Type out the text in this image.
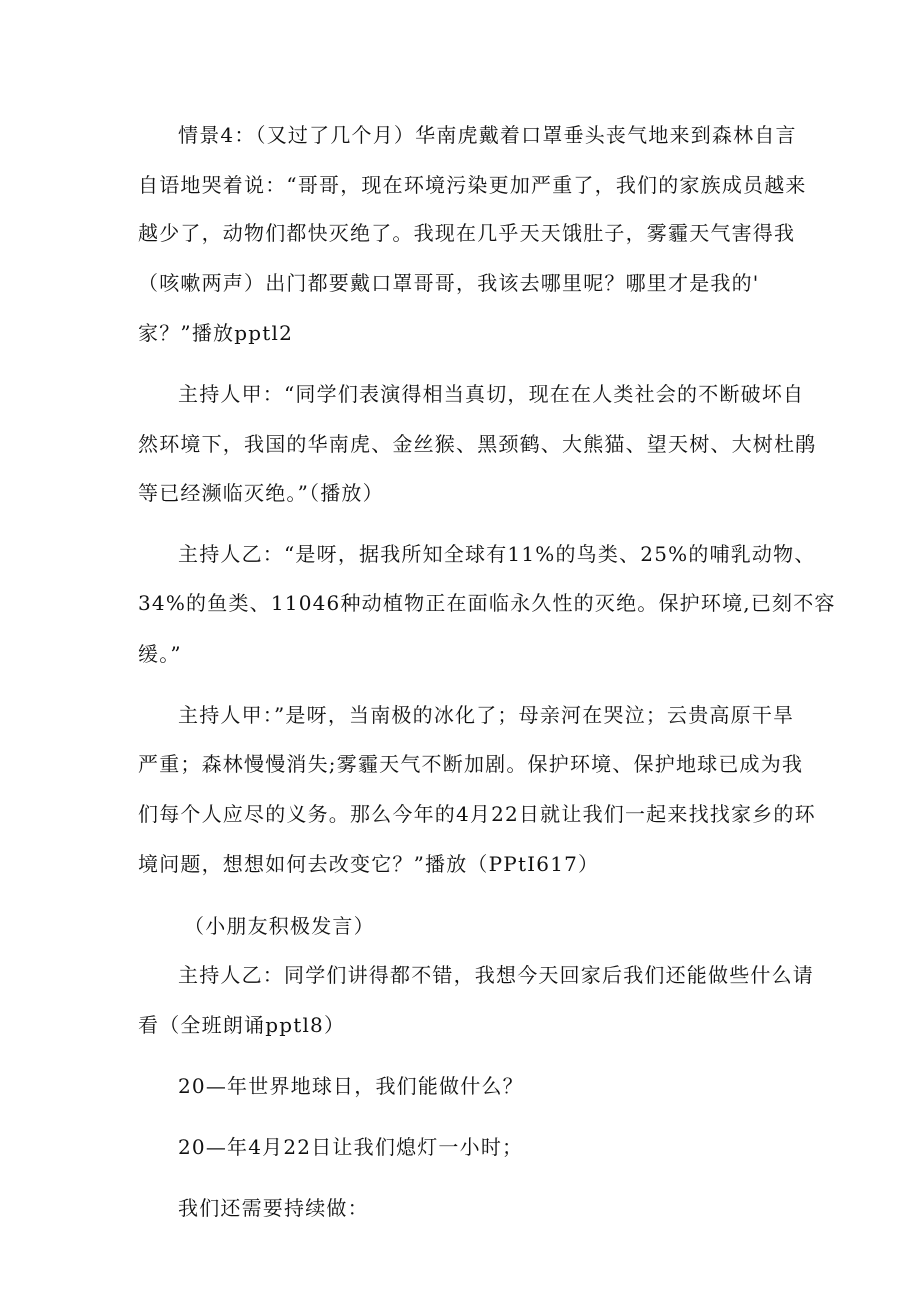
情景4：（又过了几个月）华南虎戴着口罩垂头丧气地来到森林自言
自语地哭着说：“哥哥，现在环境污染更加严重了，我们的家族成员越来
越少了，动物们都快灭绝了。我现在几乎天天饿肚子，雾霾天气害得我
（咳嗽两声）出门都要戴口罩哥哥，我该去哪里呢？哪里才是我的'
家？”播放pptl2
主持人甲：“同学们表演得相当真切，现在在人类社会的不断破坏自
然环境下，我国的华南虎、金丝猴、黑颈鹤、大熊猫、望天树、大树杜鹃
等已经濒临灭绝。”（播放）
主持人乙：“是呀，据我所知全球有11%的鸟类、25%的哺乳动物、
34%的鱼类、11046种动植物正在面临永久性的灭绝。保护环境,已刻不容
缓。”
主持人甲：”是呀，当南极的冰化了；母亲河在哭泣；云贵高原干旱
严重；森林慢慢消失;雾霾天气不断加剧。保护环境、保护地球已成为我
们每个人应尽的义务。那么今年的4月22日就让我们一起来找找家乡的环
境问题，想想如何去改变它？”播放（PPtI617）
（小朋友积极发言）
主持人乙：同学们讲得都不错，我想今天回家后我们还能做些什么请
看（全班朗诵pptl8）
20—年世界地球日，我们能做什么？
20—年4月22日让我们熄灯一小时；
我们还需要持续做：
